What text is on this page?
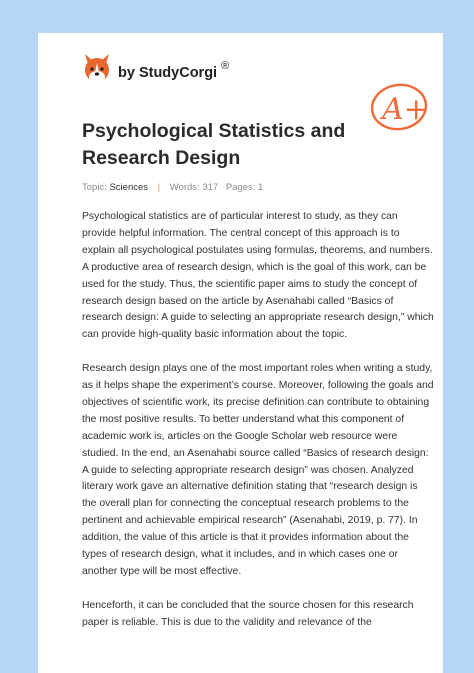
by StudyCorgi ®
A+
Psychological Statistics and Research Design
Topic: Sciences | Words: 317 Pages: 1

Psychological statistics are of particular interest to study, as they can provide helpful information. The central concept of this approach is to explain all psychological postulates using formulas, theorems, and numbers. A productive area of research design, which is the goal of this work, can be used for the study. Thus, the scientific paper aims to study the concept of research design based on the article by Asenahabi called “Basics of research design: A guide to selecting an appropriate research design,” which can provide high-quality basic information about the topic.

Research design plays one of the most important roles when writing a study, as it helps shape the experiment’s course. Moreover, following the goals and objectives of scientific work, its precise definition can contribute to obtaining the most positive results. To better understand what this component of academic work is, articles on the Google Scholar web resource were studied. In the end, an Asenahabi source called “Basics of research design: A guide to selecting appropriate research design” was chosen. Analyzed literary work gave an alternative definition stating that “research design is the overall plan for connecting the conceptual research problems to the pertinent and achievable empirical research” (Asenahabi, 2019, p. 77). In addition, the value of this article is that it provides information about the types of research design, what it includes, and in which cases one or another type will be most effective.

Henceforth, it can be concluded that the source chosen for this research paper is reliable. This is due to the validity and relevance of the
